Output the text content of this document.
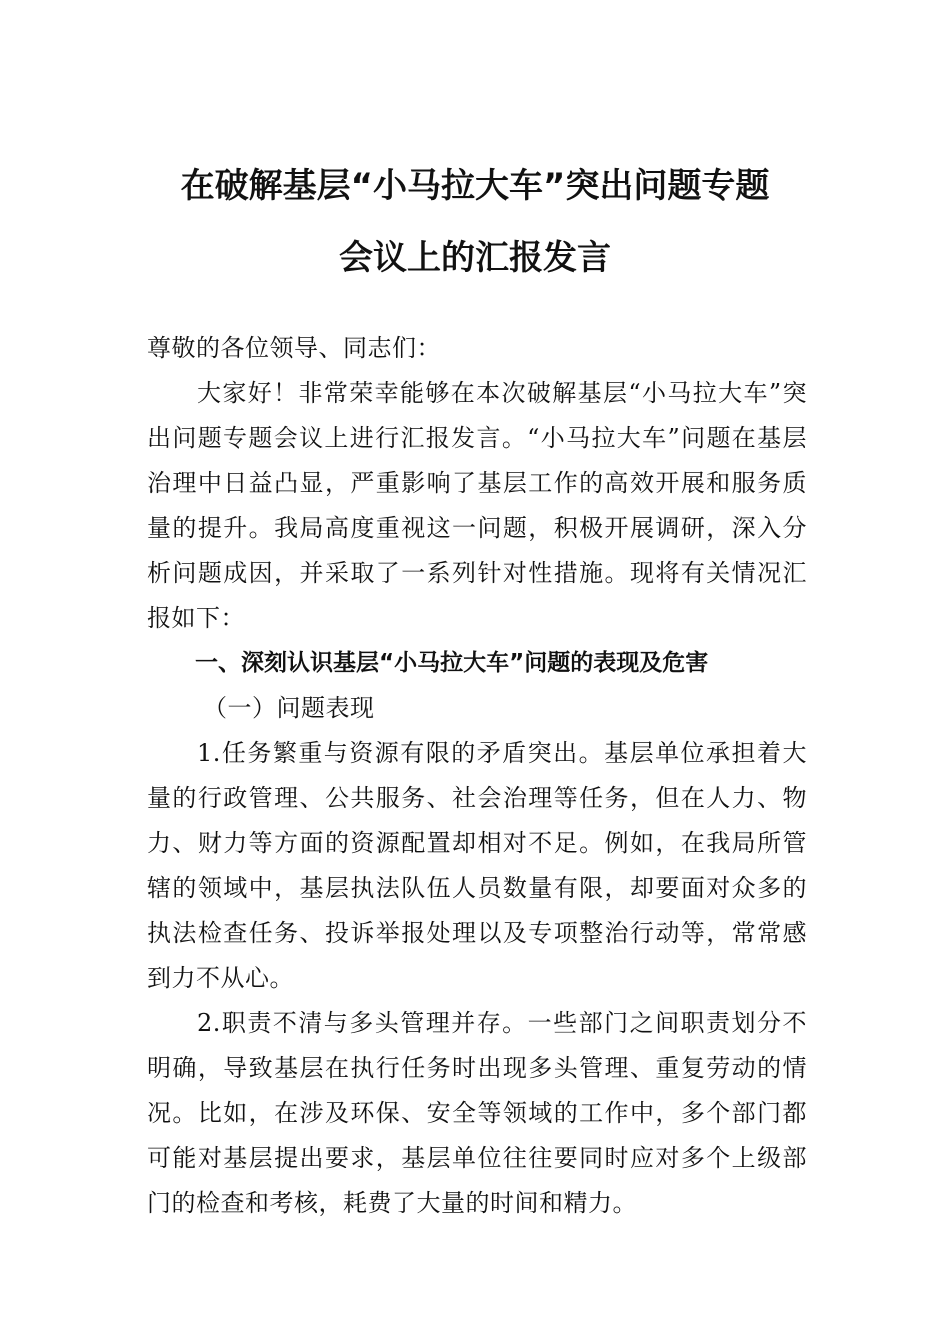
在破解基层“小马拉大车”突出问题专题
会议上的汇报发言

尊敬的各位领导、同志们：

大家好！非常荣幸能够在本次破解基层“小马拉大车”突出问题专题会议上进行汇报发言。“小马拉大车”问题在基层治理中日益凸显，严重影响了基层工作的高效开展和服务质量的提升。我局高度重视这一问题，积极开展调研，深入分析问题成因，并采取了一系列针对性措施。现将有关情况汇报如下：

一、深刻认识基层“小马拉大车”问题的表现及危害

（一）问题表现

1.任务繁重与资源有限的矛盾突出。基层单位承担着大量的行政管理、公共服务、社会治理等任务，但在人力、物力、财力等方面的资源配置却相对不足。例如，在我局所管辖的领域中，基层执法队伍人员数量有限，却要面对众多的执法检查任务、投诉举报处理以及专项整治行动等，常常感到力不从心。

2.职责不清与多头管理并存。一些部门之间职责划分不明确，导致基层在执行任务时出现多头管理、重复劳动的情况。比如，在涉及环保、安全等领域的工作中，多个部门都可能对基层提出要求，基层单位往往要同时应对多个上级部门的检查和考核，耗费了大量的时间和精力。
